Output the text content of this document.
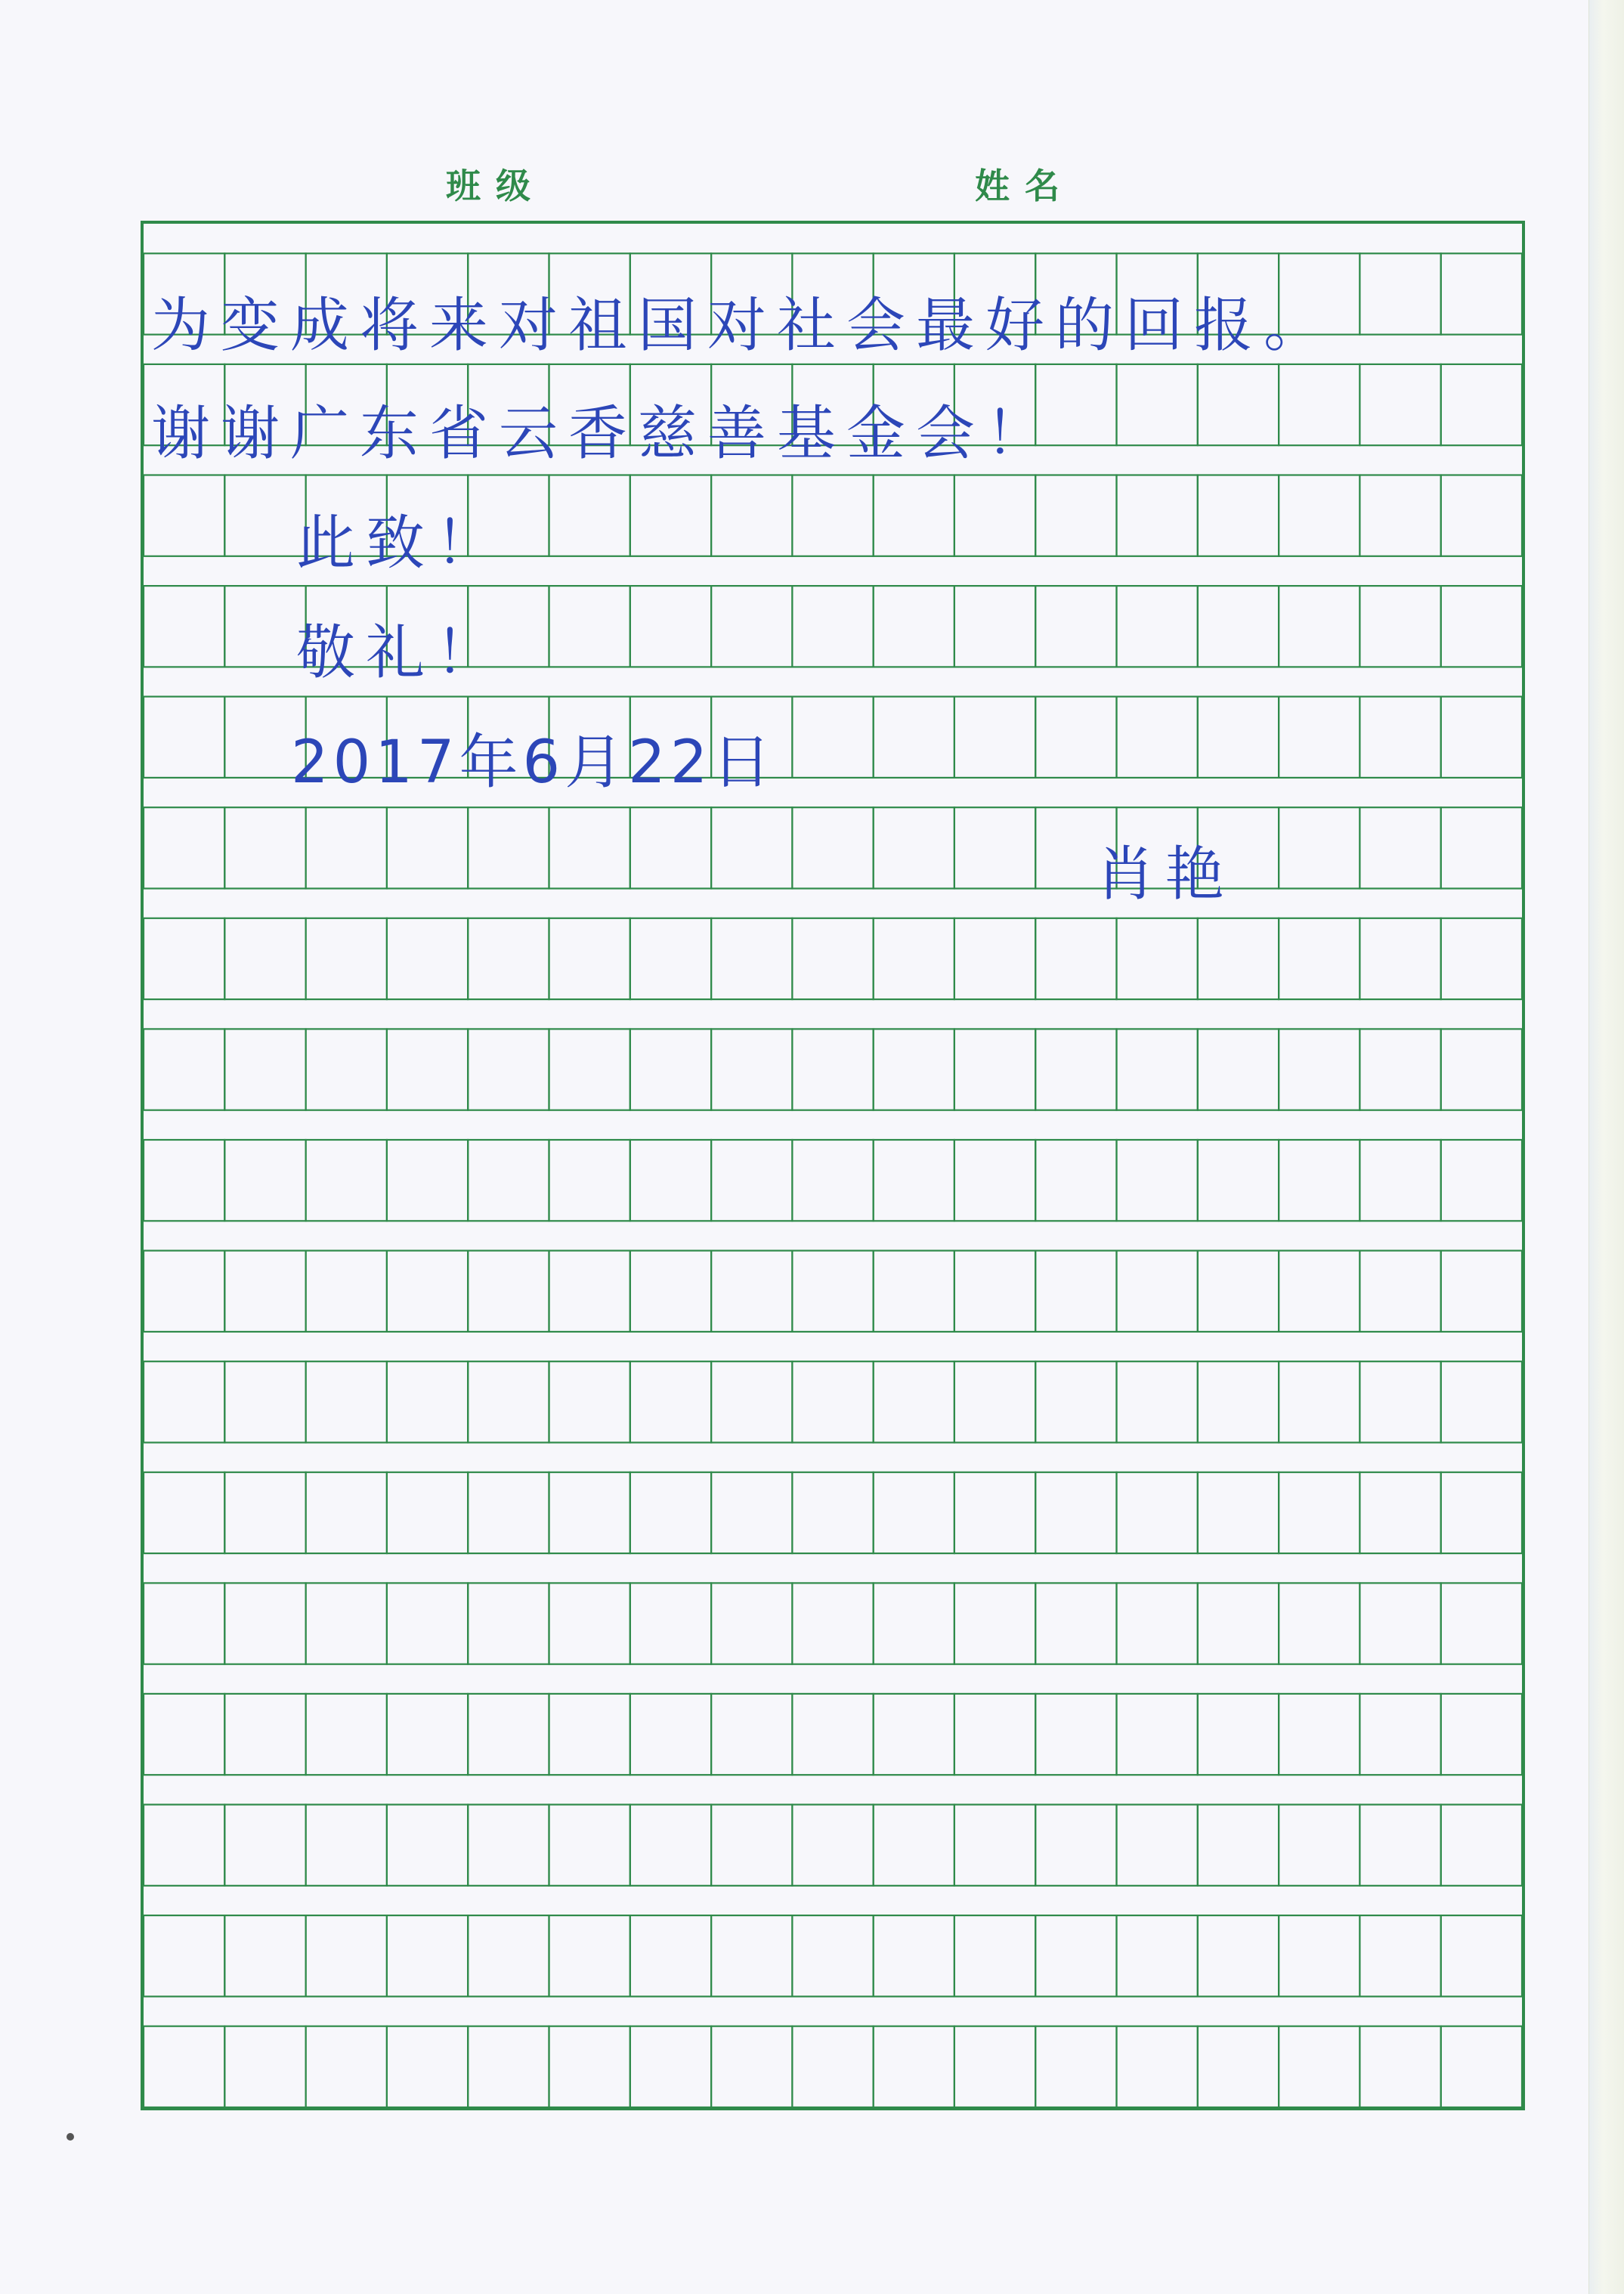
班 级	姓 名
为变成将来对祖国对社会最好的回报。
谢谢广东省云香慈善基金会！
此致！
敬礼！
2017年6月22日
肖艳
